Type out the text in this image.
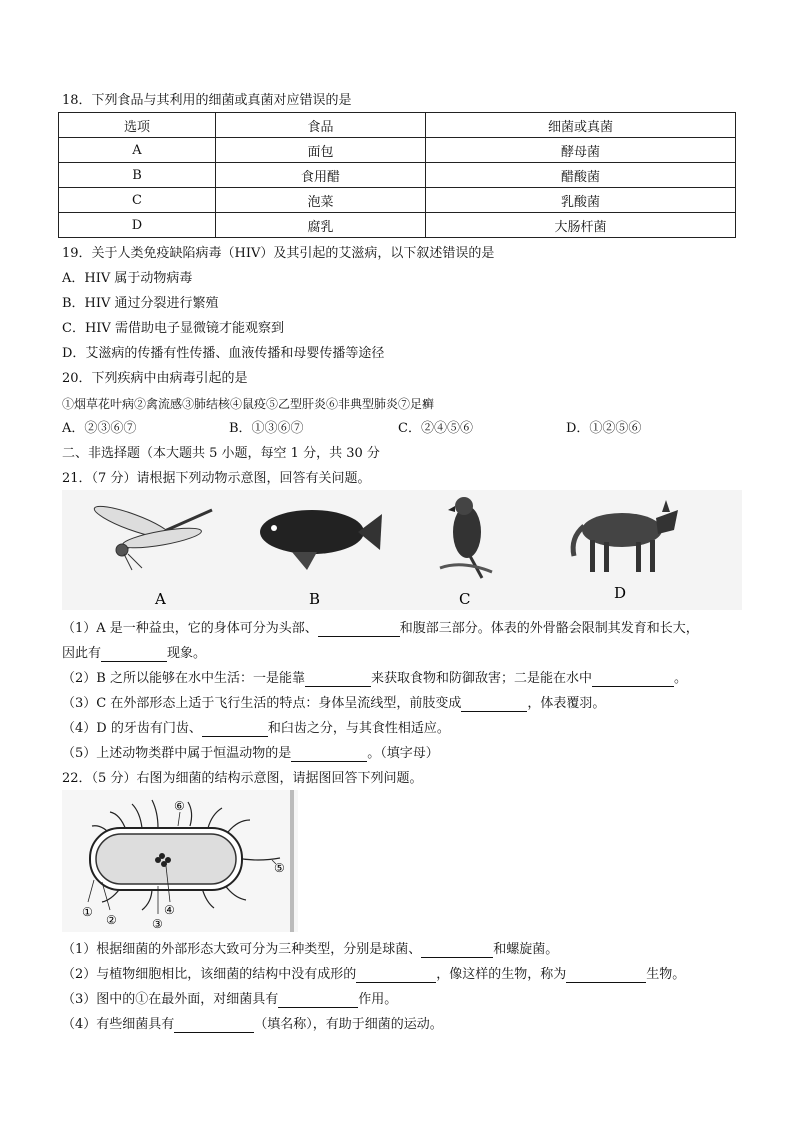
18．下列食品与其利用的细菌或真菌对应错误的是
选项	食品	细菌或真菌
A	面包	酵母菌
B	食用醋	醋酸菌
C	泡菜	乳酸菌
D	腐乳	大肠杆菌
19．关于人类免疫缺陷病毒（HIV）及其引起的艾滋病，以下叙述错误的是
A．HIV 属于动物病毒
B．HIV 通过分裂进行繁殖
C．HIV 需借助电子显微镜才能观察到
D．艾滋病的传播有性传播、血液传播和母婴传播等途径
20．下列疾病中由病毒引起的是
①烟草花叶病②禽流感③肺结核④鼠疫⑤乙型肝炎⑥非典型肺炎⑦足癣
A．②③⑥⑦	B．①③⑥⑦	C．②④⑤⑥	D．①②⑤⑥
二、非选择题（本大题共 5 小题，每空 1 分，共 30 分
21．（7 分）请根据下列动物示意图，回答有关问题。
A	B	C	D
（1）A 是一种益虫，它的身体可分为头部、	和腹部三部分。体表的外骨骼会限制其发育和长大，
因此有	现象。
（2）B 之所以能够在水中生活：一是能靠	来获取食物和防御敌害；二是能在水中	。
（3）C 在外部形态上适于飞行生活的特点：身体呈流线型，前肢变成	，体表覆羽。
（4）D 的牙齿有门齿、	和臼齿之分，与其食性相适应。
（5）上述动物类群中属于恒温动物的是	。（填字母）
22．（5 分）右图为细菌的结构示意图，请据图回答下列问题。
①
②	③
④
⑤
⑥
（1）根据细菌的外部形态大致可分为三种类型，分别是球菌、	和螺旋菌。
（2）与植物细胞相比，该细菌的结构中没有成形的	，像这样的生物，称为	生物。
（3）图中的①在最外面，对细菌具有	作用。
（4）有些细菌具有	（填名称），有助于细菌的运动。
